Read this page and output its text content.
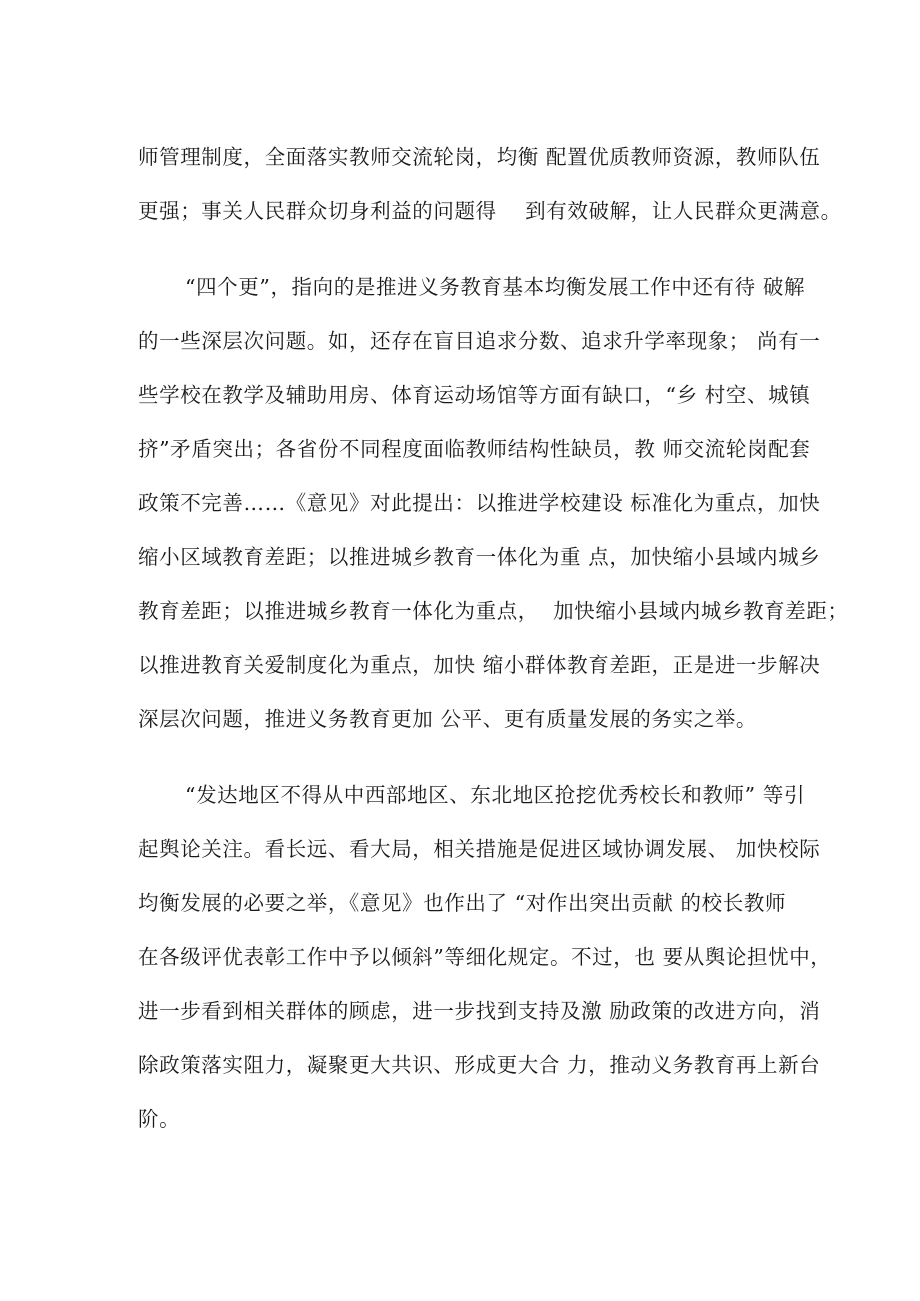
师管理制度，全面落实教师交流轮岗，均衡 配置优质教师资源，教师队伍
更强；事关人民群众切身利益的问题得    到有效破解，让人民群众更满意。
“四个更”，指向的是推进义务教育基本均衡发展工作中还有待 破解
的一些深层次问题。如，还存在盲目追求分数、追求升学率现象； 尚有一
些学校在教学及辅助用房、体育运动场馆等方面有缺口，“乡 村空、城镇
挤”矛盾突出；各省份不同程度面临教师结构性缺员，教 师交流轮岗配套
政策不完善……《意见》对此提出：以推进学校建设 标准化为重点，加快
缩小区域教育差距；以推进城乡教育一体化为重 点，加快缩小县域内城乡
教育差距；以推进城乡教育一体化为重点，  加快缩小县域内城乡教育差距；
以推进教育关爱制度化为重点，加快 缩小群体教育差距，正是进一步解决
深层次问题，推进义务教育更加 公平、更有质量发展的务实之举。
“发达地区不得从中西部地区、东北地区抢挖优秀校长和教师” 等引
起舆论关注。看长远、看大局，相关措施是促进区域协调发展、 加快校际
均衡发展的必要之举，《意见》也作出了 “对作出突出贡献 的校长教师
在各级评优表彰工作中予以倾斜”等细化规定。不过，也 要从舆论担忧中，
进一步看到相关群体的顾虑，进一步找到支持及激 励政策的改进方向，消
除政策落实阻力，凝聚更大共识、形成更大合 力，推动义务教育再上新台
阶。
